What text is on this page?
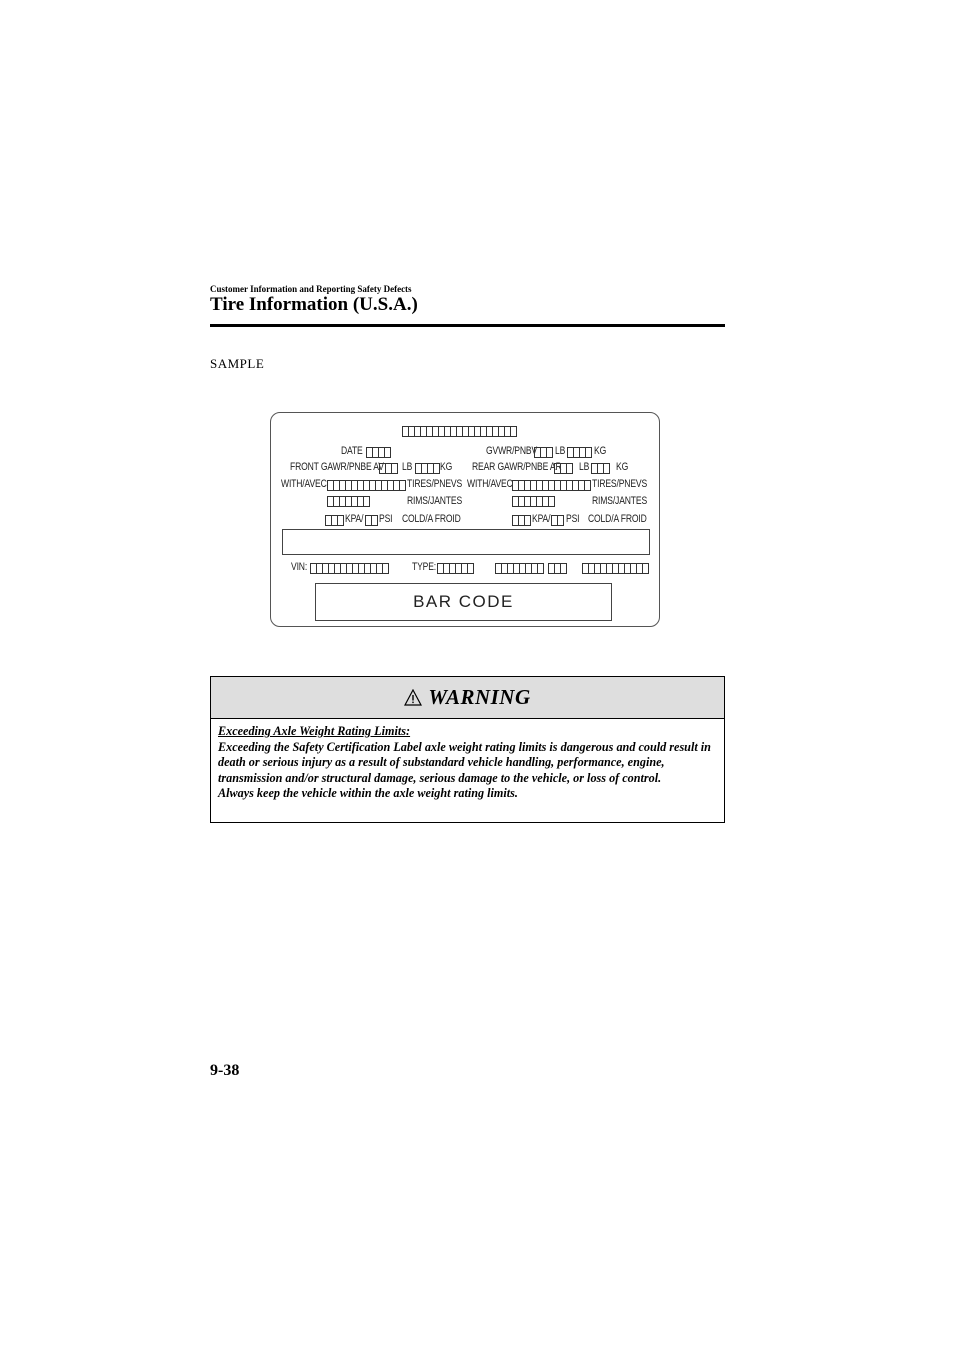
Customer Information and Reporting Safety Defects
Tire Information (U.S.A.)
SAMPLE
DATE	GVWR/PNBV LB	KG
FRONT GAWR/PNBE AV LB	KG REAR GAWR/PNBE AR LB KG
WITH/AVEC	TIRES/PNEVS WITH/AVEC	TIRES/PNEVS
RIMS/JANTES	RIMS/JANTES
KPA/ PSI COLD/A FROID	KPA/ PSI COLD/A FROID
VIN:	TYPE:
BAR CODE
WARNING
Exceeding Axle Weight Rating Limits:
Exceeding the Safety Certification Label axle weight rating limits is dangerous and could result in death or serious injury as a result of substandard vehicle handling, performance, engine, transmission and/or structural damage, serious damage to the vehicle, or loss of control.
Always keep the vehicle within the axle weight rating limits.
9-38
